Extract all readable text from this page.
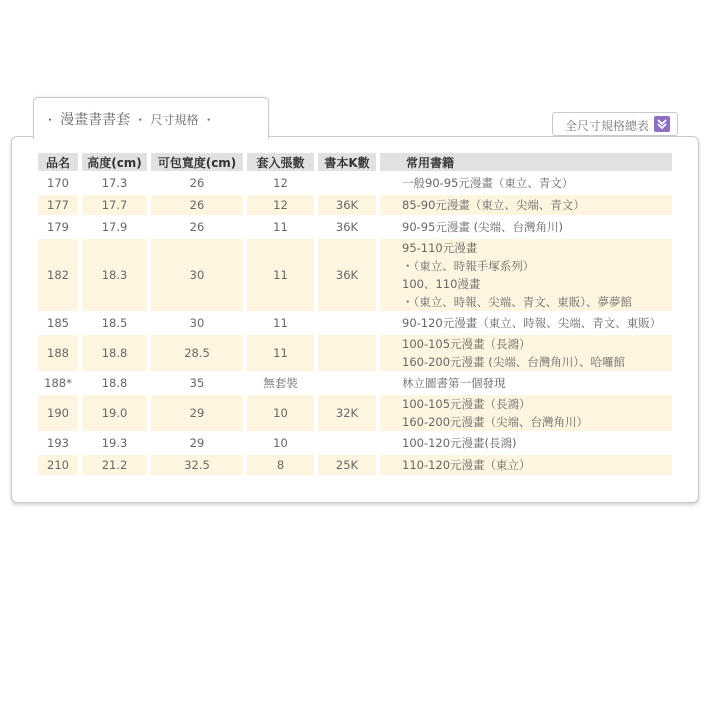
・ 漫畫書書套 ・ 尺寸規格 ・	全尺寸規格總表
品名	高度(cm)	可包寬度(cm)	套入張數	書本K數	常用書籍
170	17.3	26	12		一般90-95元漫畫（東立、青文）

177	17.7	26	12	36K	85-90元漫畫（東立、尖端、青文）

179	17.9	26	11	36K	90-95元漫畫 (尖端、台灣角川)

182	18.3	30	11	36K	95-110元漫畫
・（東立、時報手塚系列）
100、110漫畫
・（東立、時報、尖端、青文、東販）、夢夢館

185	18.5	30	11		90-120元漫畫（東立、時報、尖端、青文、東販）

188	18.8	28.5	11		100-105元漫畫（長鴻）
160-200元漫畫 (尖端、台灣角川）、哈囉館

188*	18.8	35	無套裝		林立圖書第一個發現

190	19.0	29	10	32K	100-105元漫畫（長鴻）
160-200元漫畫（尖端、台灣角川）

193	19.3	29	10		100-120元漫畫(長鴻)

210	21.2	32.5	8	25K	110-120元漫畫（東立）
